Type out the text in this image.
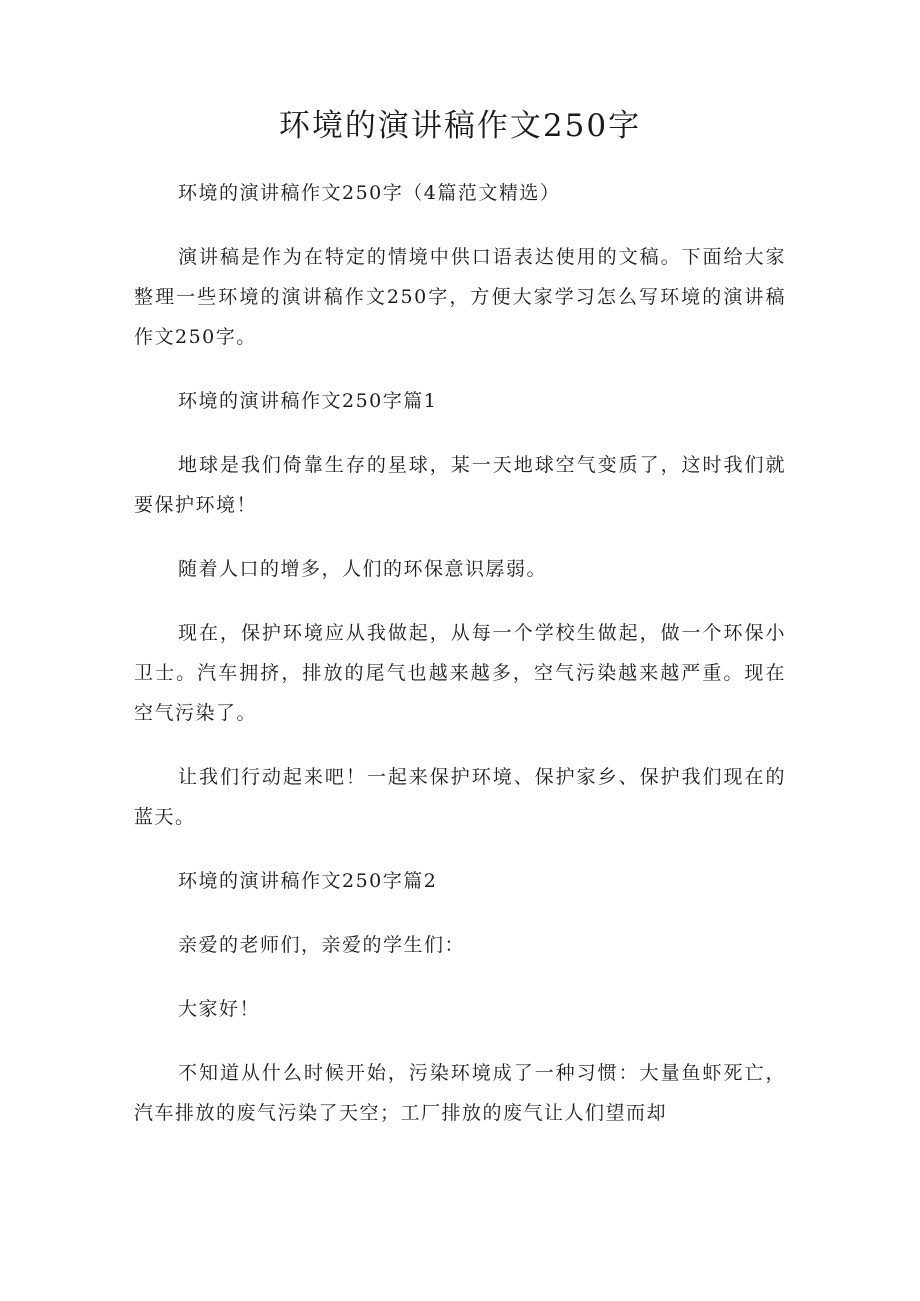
环境的演讲稿作文250字

环境的演讲稿作文250字（4篇范文精选）

演讲稿是作为在特定的情境中供口语表达使用的文稿。下面给大家整理一些环境的演讲稿作文250字，方便大家学习怎么写环境的演讲稿作文250字。

环境的演讲稿作文250字篇1

地球是我们倚靠生存的星球，某一天地球空气变质了，这时我们就要保护环境！

随着人口的增多，人们的环保意识孱弱。

现在，保护环境应从我做起，从每一个学校生做起，做一个环保小卫士。汽车拥挤，排放的尾气也越来越多，空气污染越来越严重。现在空气污染了。

让我们行动起来吧！一起来保护环境、保护家乡、保护我们现在的蓝天。

环境的演讲稿作文250字篇2

亲爱的老师们，亲爱的学生们：

大家好！

不知道从什么时候开始，污染环境成了一种习惯：大量鱼虾死亡，汽车排放的废气污染了天空；工厂排放的废气让人们望而却
